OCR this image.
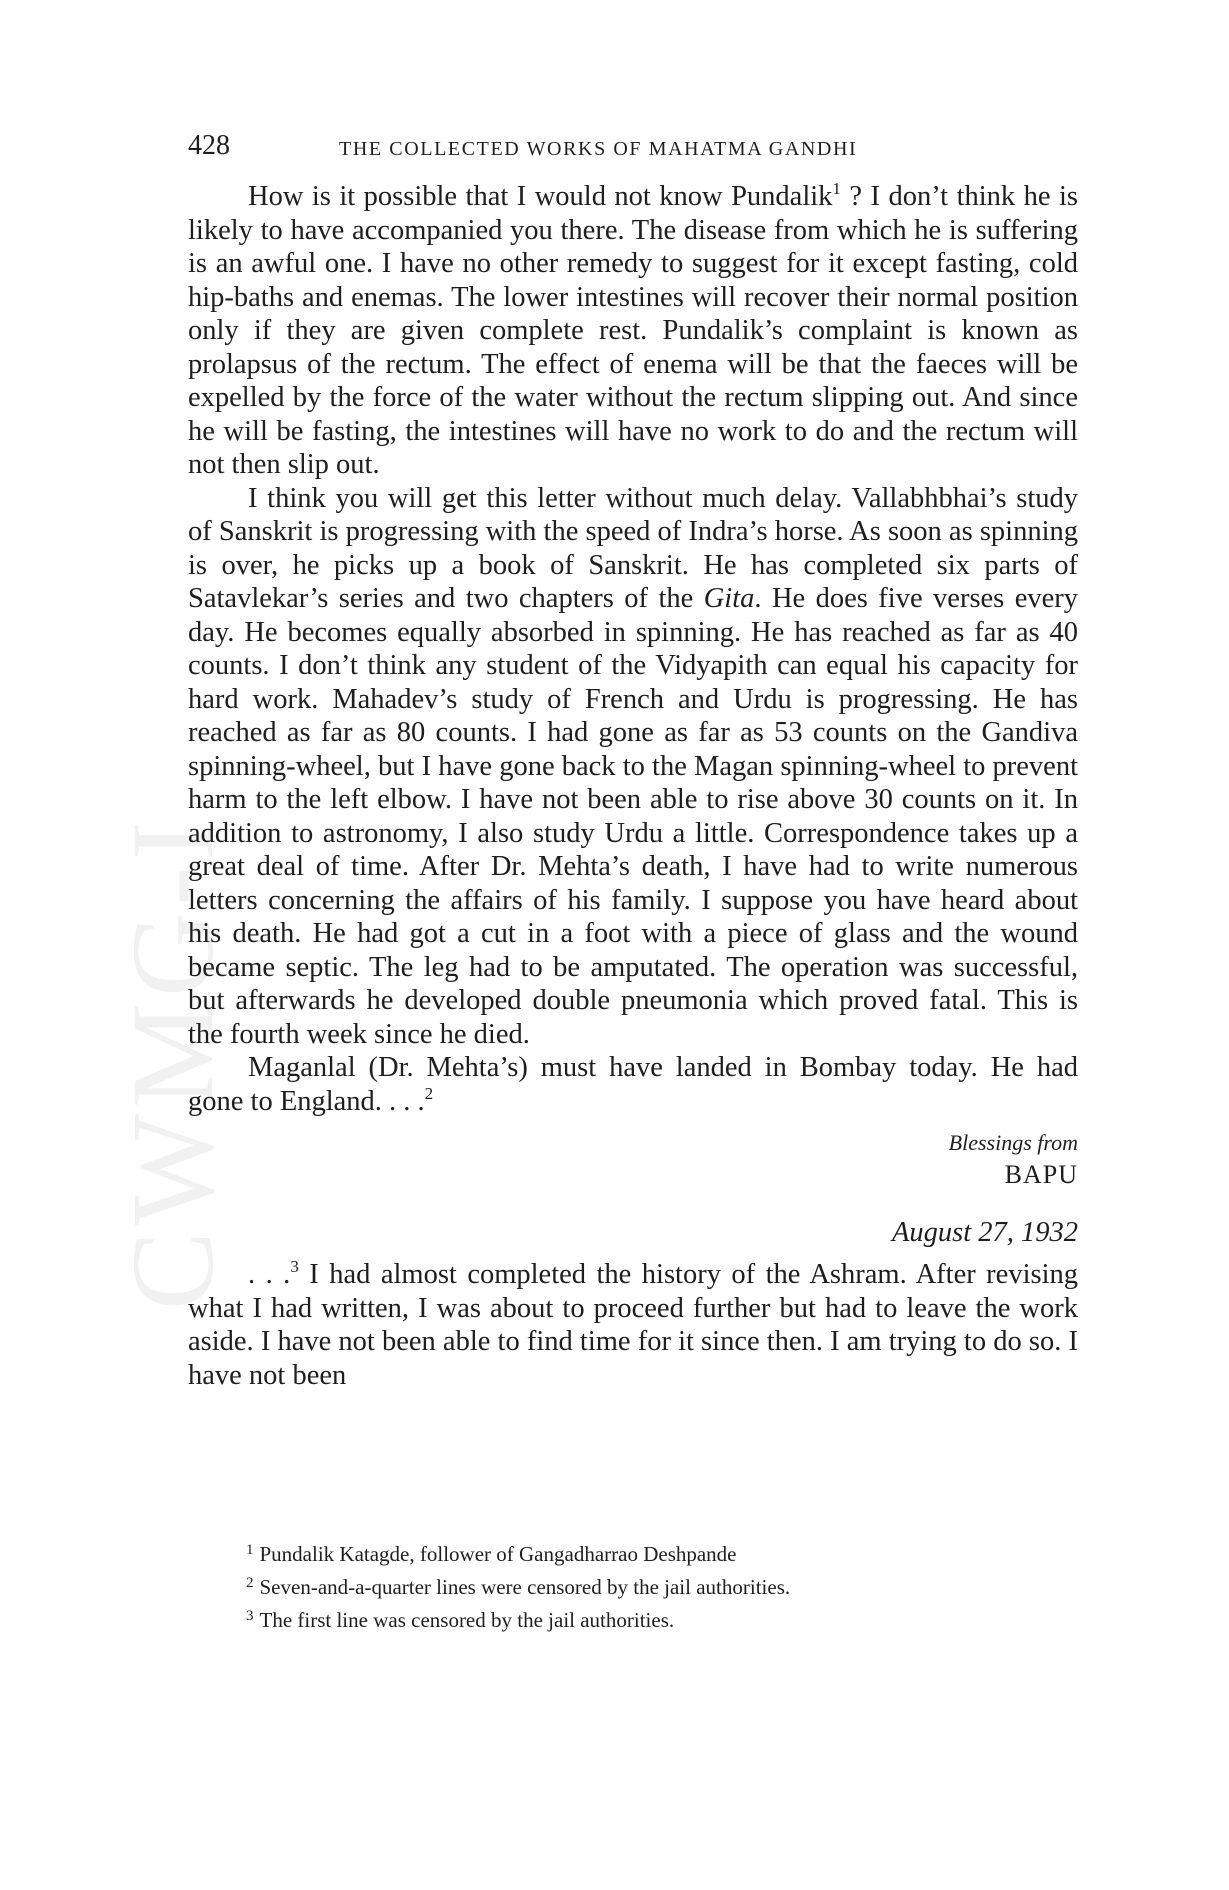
CWMG-I
428	THE COLLECTED WORKS OF MAHATMA GANDHI

How is it possible that I would not know Pundalik$^1$ ? I don’t think he is likely to have accompanied you there. The disease from which he is suffering is an awful one. I have no other remedy to suggest for it except fasting, cold hip-baths and enemas. The lower intestines will recover their normal position only if they are given complete rest. Pundalik’s complaint is known as prolapsus of the rectum. The effect of enema will be that the faeces will be expelled by the force of the water without the rectum slipping out. And since he will be fasting, the intestines will have no work to do and the rectum will not then slip out.

I think you will get this letter without much delay. Vallabhbhai’s study of Sanskrit is progressing with the speed of Indra’s horse. As soon as spinning is over, he picks up a book of Sanskrit. He has completed six parts of Satavlekar’s series and two chapters of the Gita. He does five verses every day. He becomes equally absorbed in spinning. He has reached as far as 40 counts. I don’t think any student of the Vidyapith can equal his capacity for hard work. Mahadev’s study of French and Urdu is progressing. He has reached as far as 80 counts. I had gone as far as 53 counts on the Gandiva spinning-wheel, but I have gone back to the Magan spinning-wheel to prevent harm to the left elbow. I have not been able to rise above 30 counts on it. In addition to astronomy, I also study Urdu a little. Correspondence takes up a great deal of time. After Dr. Mehta’s death, I have had to write numerous letters concerning the affairs of his family. I suppose you have heard about his death. He had got a cut in a foot with a piece of glass and the wound became septic. The leg had to be amputated. The operation was successful, but afterwards he developed double pneumonia which proved fatal. This is the fourth week since he died.

Maganlal (Dr. Mehta’s) must have landed in Bombay today. He had gone to England. . . .$^2$

Blessings from
BAPU
August 27, 1932

. . .$^3$ I had almost completed the history of the Ashram. After revising what I had written, I was about to proceed further but had to leave the work aside. I have not been able to find time for it since then. I am trying to do so. I have not been

$^1$ Pundalik Katagde, follower of Gangadharrao Deshpande

$^2$ Seven-and-a-quarter lines were censored by the jail authorities.

$^3$ The first line was censored by the jail authorities.
